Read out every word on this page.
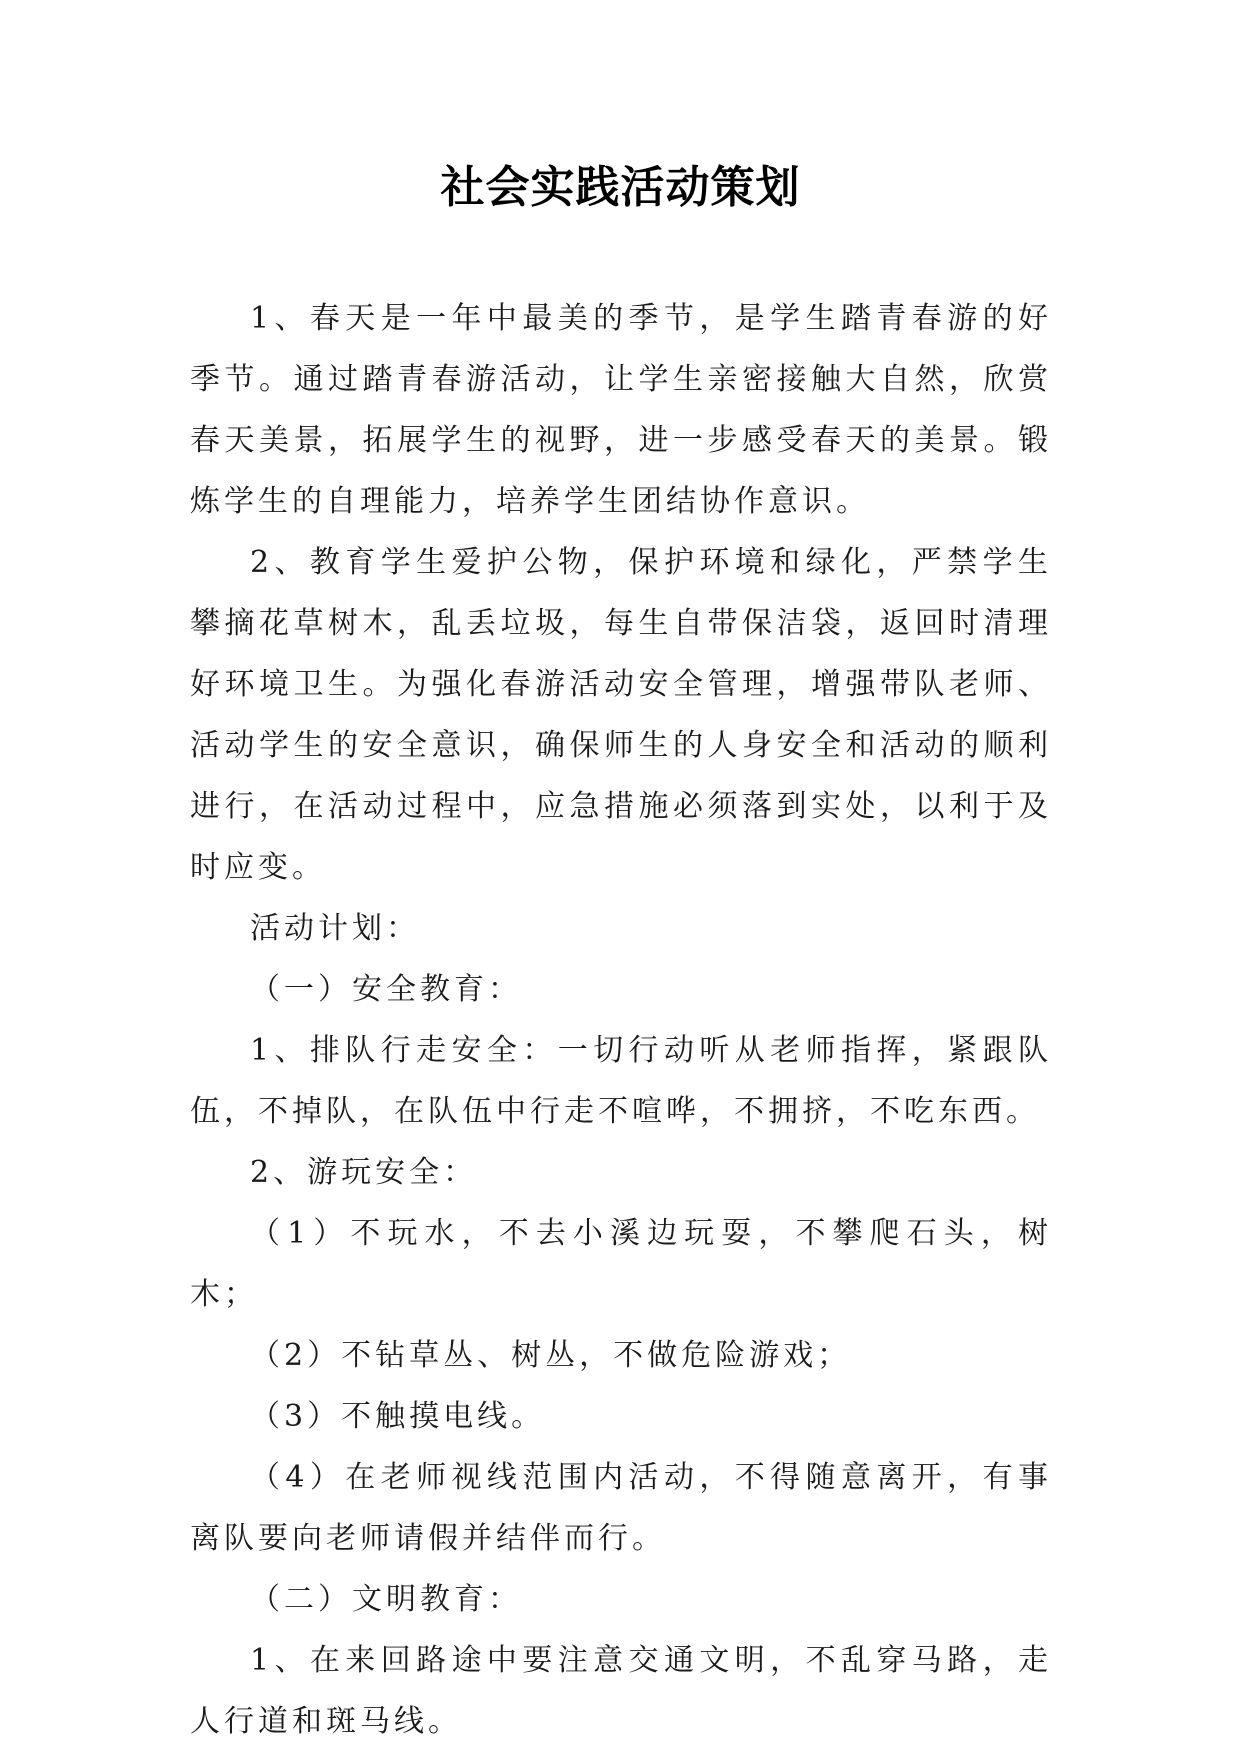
社会实践活动策划

1、春天是一年中最美的季节，是学生踏青春游的好季节。通过踏青春游活动，让学生亲密接触大自然，欣赏春天美景，拓展学生的视野，进一步感受春天的美景。锻炼学生的自理能力，培养学生团结协作意识。

2、教育学生爱护公物，保护环境和绿化，严禁学生攀摘花草树木，乱丢垃圾，每生自带保洁袋，返回时清理好环境卫生。为强化春游活动安全管理，增强带队老师、活动学生的安全意识，确保师生的人身安全和活动的顺利进行，在活动过程中，应急措施必须落到实处，以利于及时应变。

活动计划：

（一）安全教育：

1、排队行走安全：一切行动听从老师指挥，紧跟队伍，不掉队，在队伍中行走不喧哗，不拥挤，不吃东西。

2、游玩安全：

（1）不玩水，不去小溪边玩耍，不攀爬石头，树木；

（2）不钻草丛、树丛，不做危险游戏；

（3）不触摸电线。

（4）在老师视线范围内活动，不得随意离开，有事离队要向老师请假并结伴而行。

（二）文明教育：

1、在来回路途中要注意交通文明，不乱穿马路，走人行道和斑马线。
